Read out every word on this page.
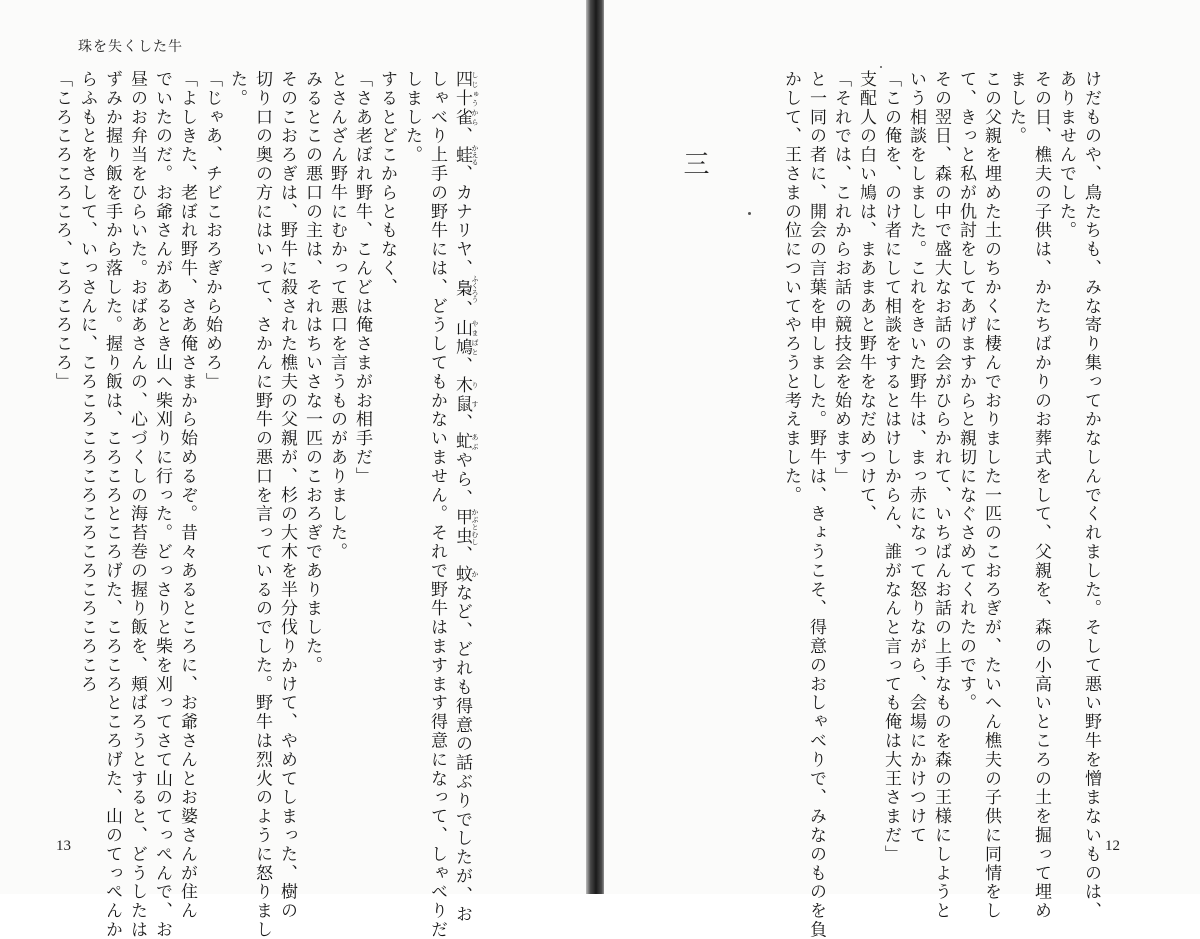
珠を失くした牛
四十雀 しじゅうから、蛙 かえる、カナリヤ、梟 ふくろう、山鳩 やまばと、木鼠 りす、虻 あぶやら、甲虫 かぶとむし、蚊 かなど、どれも得意の話ぶりでしたが、お
しゃべり上手の野牛には、どうしてもかないません。それで野牛はますます得意になって、しゃべりだ
しました。
するとどこからともなく、
「さあ老ぼれ野牛、こんどは俺さまがお相手だ」
とさんざん野牛にむかって悪口を言うものがありました。
みるとこの悪口の主は、それはちいさな一匹のこおろぎでありました。
そのこおろぎは、野牛に殺された樵夫の父親が、杉の大木を半分伐りかけて、やめてしまった、樹の
切り口の奥の方にはいって、さかんに野牛の悪口を言っているのでした。野牛は烈火のように怒りまし
た。
「じゃあ、チビこおろぎから始めろ」
「よしきた、老ぼれ野牛、さあ俺さまから始めるぞ。昔々あるところに、お爺さんとお婆さんが住ん
でいたのだ。お爺さんがあるとき山へ柴刈りに行った。どっさりと柴を刈ってさて山のてっぺんで、お
昼のお弁当をひらいた。おばあさんの、心づくしの海苔巻の握り飯を、頬ばろうとすると、どうしたは
ずみか握り飯を手から落した。握り飯は、ころころところげた、ころころところげた、山のてっぺんか
らふもとをさして、いっさんに、ころころころころころころころころころ
「ころころころころ、ころころころ」
13	けだものや、鳥たちも、みな寄り集ってかなしんでくれました。そして悪い野牛を憎まないものは、
ありませんでした。
その日、樵夫の子供は、かたちばかりのお葬式をして、父親を、森の小高いところの土を掘って埋め
ました。
この父親を埋めた土のちかくに棲んでおりました一匹のこおろぎが、たいへん樵夫の子供に同情をし
て、きっと私が仇討をしてあげますからと親切になぐさめてくれたのです。
その翌日、森の中で盛大なお話の会がひらかれて、いちばんお話の上手なものを森の王様にしようと
いう相談をしました。これをきいた野牛は、まっ赤になって怒りながら、会場にかけつけて
「この俺を、のけ者にして相談をするとはけしからん、誰がなんと言っても俺は大王さまだ」
支配人の白い鳩は、まあまあと野牛をなだめつけて、
「それでは、これからお話の競技会を始めます」
と一同の者に、開会の言葉を申しました。野牛は、きょうこそ、得意のおしゃべりで、みなのものを負
かして、王さまの位についてやろうと考えました。
三
12
